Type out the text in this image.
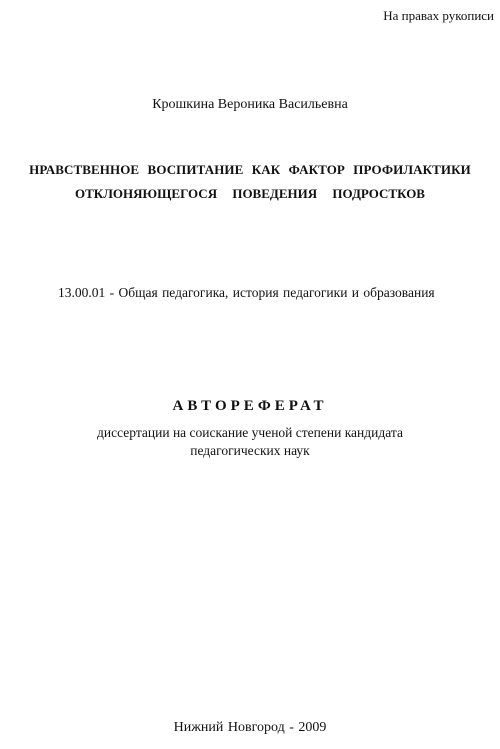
На правах рукописи
Крошкина Вероника Васильевна
НРАВСТВЕННОЕ ВОСПИТАНИЕ КАК ФАКТОР ПРОФИЛАКТИКИ
ОТКЛОНЯЮЩЕГОСЯ ПОВЕДЕНИЯ ПОДРОСТКОВ
13.00.01 - Общая педагогика, история педагогики и образования
АВТОРЕФЕРАТ
диссертации на соискание ученой степени кандидата
педагогических наук
Нижний Новгород - 2009
